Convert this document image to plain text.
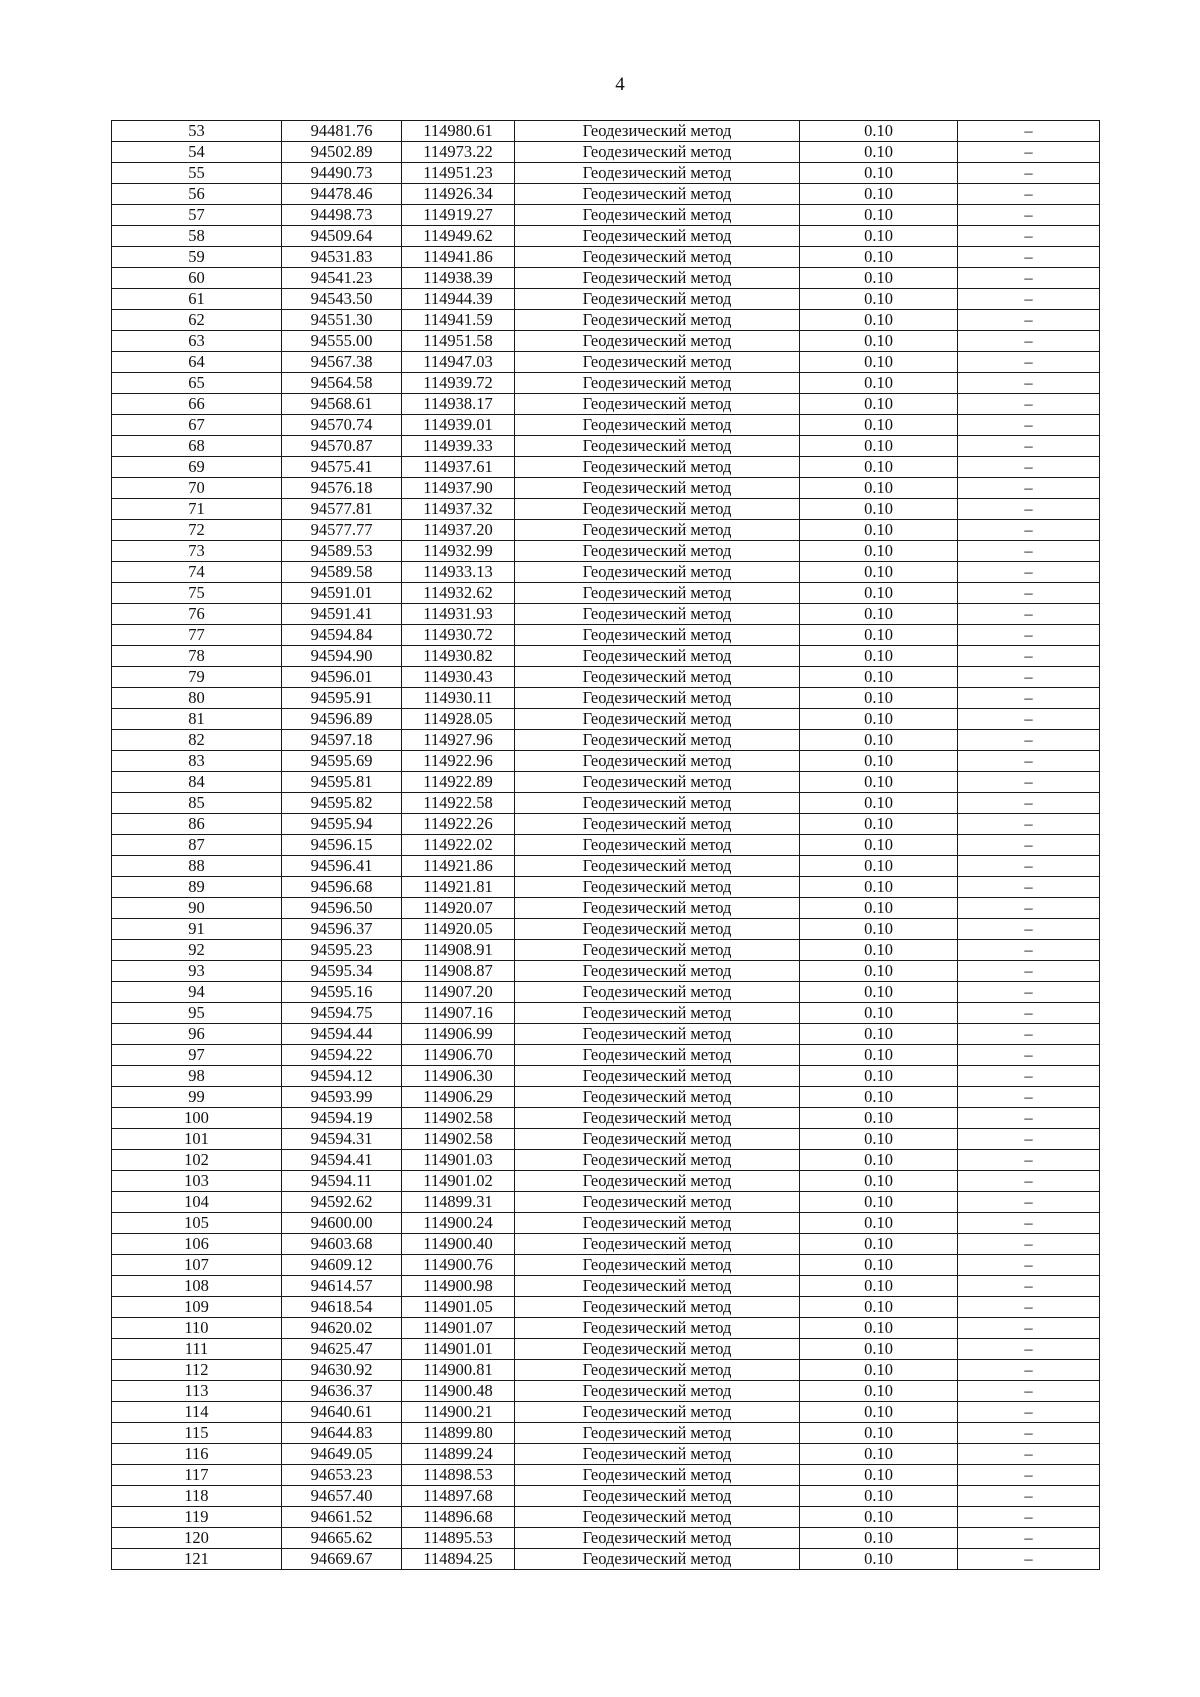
4
53	94481.76	114980.61	Геодезический метод	0.10	–
54	94502.89	114973.22	Геодезический метод	0.10	–
55	94490.73	114951.23	Геодезический метод	0.10	–
56	94478.46	114926.34	Геодезический метод	0.10	–
57	94498.73	114919.27	Геодезический метод	0.10	–
58	94509.64	114949.62	Геодезический метод	0.10	–
59	94531.83	114941.86	Геодезический метод	0.10	–
60	94541.23	114938.39	Геодезический метод	0.10	–
61	94543.50	114944.39	Геодезический метод	0.10	–
62	94551.30	114941.59	Геодезический метод	0.10	–
63	94555.00	114951.58	Геодезический метод	0.10	–
64	94567.38	114947.03	Геодезический метод	0.10	–
65	94564.58	114939.72	Геодезический метод	0.10	–
66	94568.61	114938.17	Геодезический метод	0.10	–
67	94570.74	114939.01	Геодезический метод	0.10	–
68	94570.87	114939.33	Геодезический метод	0.10	–
69	94575.41	114937.61	Геодезический метод	0.10	–
70	94576.18	114937.90	Геодезический метод	0.10	–
71	94577.81	114937.32	Геодезический метод	0.10	–
72	94577.77	114937.20	Геодезический метод	0.10	–
73	94589.53	114932.99	Геодезический метод	0.10	–
74	94589.58	114933.13	Геодезический метод	0.10	–
75	94591.01	114932.62	Геодезический метод	0.10	–
76	94591.41	114931.93	Геодезический метод	0.10	–
77	94594.84	114930.72	Геодезический метод	0.10	–
78	94594.90	114930.82	Геодезический метод	0.10	–
79	94596.01	114930.43	Геодезический метод	0.10	–
80	94595.91	114930.11	Геодезический метод	0.10	–
81	94596.89	114928.05	Геодезический метод	0.10	–
82	94597.18	114927.96	Геодезический метод	0.10	–
83	94595.69	114922.96	Геодезический метод	0.10	–
84	94595.81	114922.89	Геодезический метод	0.10	–
85	94595.82	114922.58	Геодезический метод	0.10	–
86	94595.94	114922.26	Геодезический метод	0.10	–
87	94596.15	114922.02	Геодезический метод	0.10	–
88	94596.41	114921.86	Геодезический метод	0.10	–
89	94596.68	114921.81	Геодезический метод	0.10	–
90	94596.50	114920.07	Геодезический метод	0.10	–
91	94596.37	114920.05	Геодезический метод	0.10	–
92	94595.23	114908.91	Геодезический метод	0.10	–
93	94595.34	114908.87	Геодезический метод	0.10	–
94	94595.16	114907.20	Геодезический метод	0.10	–
95	94594.75	114907.16	Геодезический метод	0.10	–
96	94594.44	114906.99	Геодезический метод	0.10	–
97	94594.22	114906.70	Геодезический метод	0.10	–
98	94594.12	114906.30	Геодезический метод	0.10	–
99	94593.99	114906.29	Геодезический метод	0.10	–
100	94594.19	114902.58	Геодезический метод	0.10	–
101	94594.31	114902.58	Геодезический метод	0.10	–
102	94594.41	114901.03	Геодезический метод	0.10	–
103	94594.11	114901.02	Геодезический метод	0.10	–
104	94592.62	114899.31	Геодезический метод	0.10	–
105	94600.00	114900.24	Геодезический метод	0.10	–
106	94603.68	114900.40	Геодезический метод	0.10	–
107	94609.12	114900.76	Геодезический метод	0.10	–
108	94614.57	114900.98	Геодезический метод	0.10	–
109	94618.54	114901.05	Геодезический метод	0.10	–
110	94620.02	114901.07	Геодезический метод	0.10	–
111	94625.47	114901.01	Геодезический метод	0.10	–
112	94630.92	114900.81	Геодезический метод	0.10	–
113	94636.37	114900.48	Геодезический метод	0.10	–
114	94640.61	114900.21	Геодезический метод	0.10	–
115	94644.83	114899.80	Геодезический метод	0.10	–
116	94649.05	114899.24	Геодезический метод	0.10	–
117	94653.23	114898.53	Геодезический метод	0.10	–
118	94657.40	114897.68	Геодезический метод	0.10	–
119	94661.52	114896.68	Геодезический метод	0.10	–
120	94665.62	114895.53	Геодезический метод	0.10	–
121	94669.67	114894.25	Геодезический метод	0.10	–
